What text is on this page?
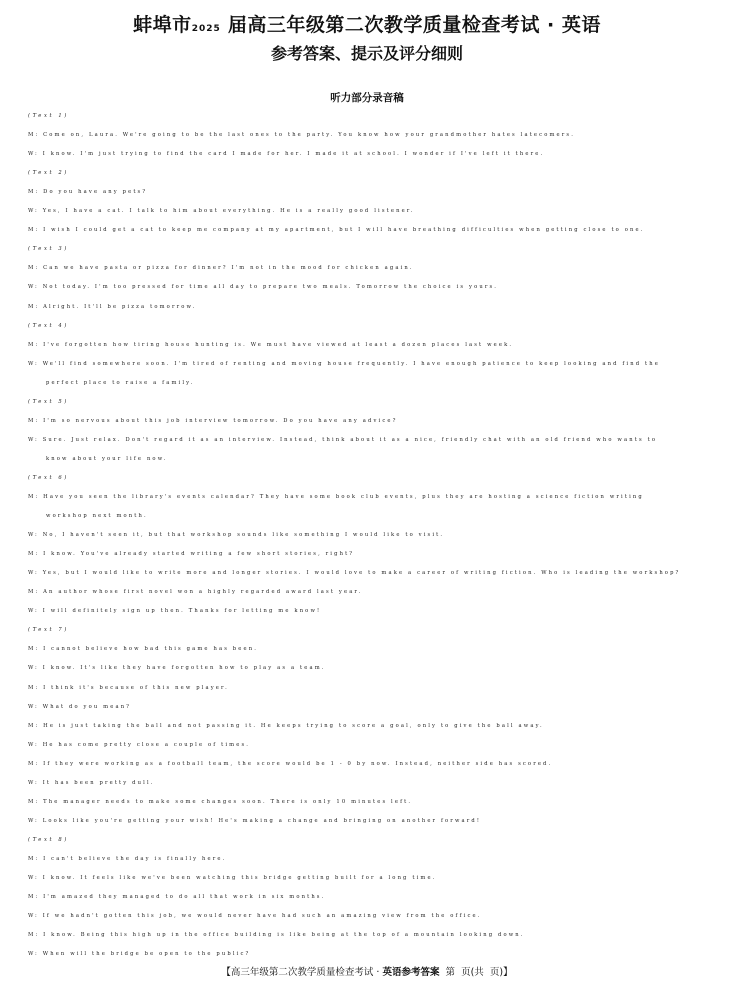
蚌埠市2025 届高三年级第二次教学质量检查考试 · 英语
参考答案、提示及评分细则
听力部分录音稿
(Text 1)
M: Come on, Laura. We're going to be the last ones to the party. You know how your grandmother hates latecomers.
W: I know. I'm just trying to find the card I made for her. I made it at school. I wonder if I've left it there.
(Text 2)
M: Do you have any pets?
W: Yes, I have a cat. I talk to him about everything. He is a really good listener.
M: I wish I could get a cat to keep me company at my apartment, but I will have breathing difficulties when getting close to one.
(Text 3)
M: Can we have pasta or pizza for dinner? I'm not in the mood for chicken again.
W: Not today. I'm too pressed for time all day to prepare two meals. Tomorrow the choice is yours.
M: Alright. It'll be pizza tomorrow.
(Text 4)
M: I've forgotten how tiring house hunting is. We must have viewed at least a dozen places last week.
W: We'll find somewhere soon. I'm tired of renting and moving house frequently. I have enough patience to keep looking and find the
perfect place to raise a family.
(Text 5)
M: I'm so nervous about this job interview tomorrow. Do you have any advice?
W: Sure. Just relax. Don't regard it as an interview. Instead, think about it as a nice, friendly chat with an old friend who wants to
know about your life now.
(Text 6)
M: Have you seen the library's events calendar? They have some book club events, plus they are hosting a science fiction writing
workshop next month.
W: No, I haven't seen it, but that workshop sounds like something I would like to visit.
M: I know. You've already started writing a few short stories, right?
W: Yes, but I would like to write more and longer stories. I would love to make a career of writing fiction. Who is leading the workshop?
M: An author whose first novel won a highly regarded award last year.
W: I will definitely sign up then. Thanks for letting me know!
(Text 7)
M: I cannot believe how bad this game has been.
W: I know. It's like they have forgotten how to play as a team.
M: I think it's because of this new player.
W: What do you mean?
M: He is just taking the ball and not passing it. He keeps trying to score a goal, only to give the ball away.
W: He has come pretty close a couple of times.
M: If they were working as a football team, the score would be 1 - 0 by now. Instead, neither side has scored.
W: It has been pretty dull.
M: The manager needs to make some changes soon. There is only 10 minutes left.
W: Looks like you're getting your wish! He's making a change and bringing on another forward!
(Text 8)
M: I can't believe the day is finally here.
W: I know. It feels like we've been watching this bridge getting built for a long time.
M: I'm amazed they managed to do all that work in six months.
W: If we hadn't gotten this job, we would never have had such an amazing view from the office.
M: I know. Being this high up in the office building is like being at the top of a mountain looking down.
W: When will the bridge be open to the public?
【高三年级第二次教学质量检查考试 · 英语参考答案 第 页(共 页)】
